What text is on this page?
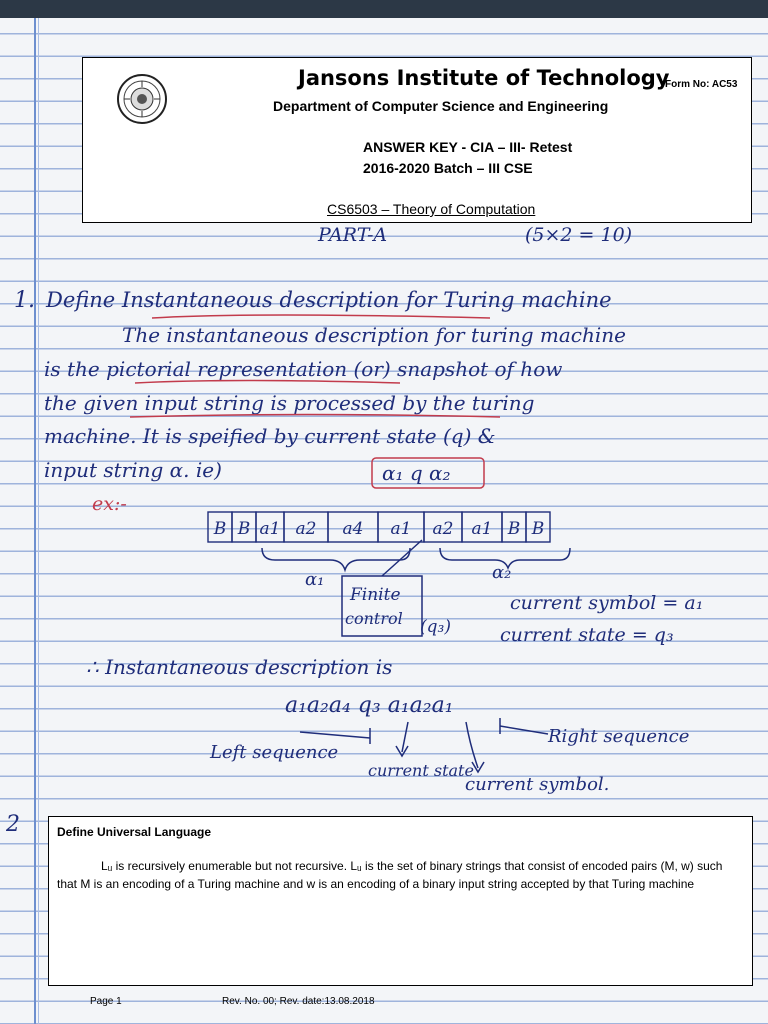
Jansons Institute of Technology
Form No: AC53
Department of Computer Science and Engineering
ANSWER KEY - CIA – III- Retest
2016-2020 Batch – III CSE
CS6503 – Theory of Computation
PART-A	(5×2 = 10)
1. Define Instantaneous description for Turing machine
The instantaneous description for turing machine
is the pictorial representation (or) snapshot of how
the given input string is processed by the turing
machine. It is speified by current state (q) &
input string α. ie)	α₁ q α₂
ex:-
B B a1 a2 a4 a1 a2 a1 B B
α₁	α₂
Finite
control (q₃)
current symbol = a₁
current state = q₃
∴ Instantaneous description is
a₁a₂a₄ q₃ a₁a₂a₁
Left sequence
current state
current symbol.
Right sequence
2	Define Universal Language
Lᵤ is recursively enumerable but not recursive. Lᵤ is the set of binary strings that consist of encoded pairs (M, w) such that M is an encoding of a Turing machine and w is an encoding of a binary input string accepted by that Turing machine
Page 1	Rev. No. 00; Rev. date:13.08.2018
